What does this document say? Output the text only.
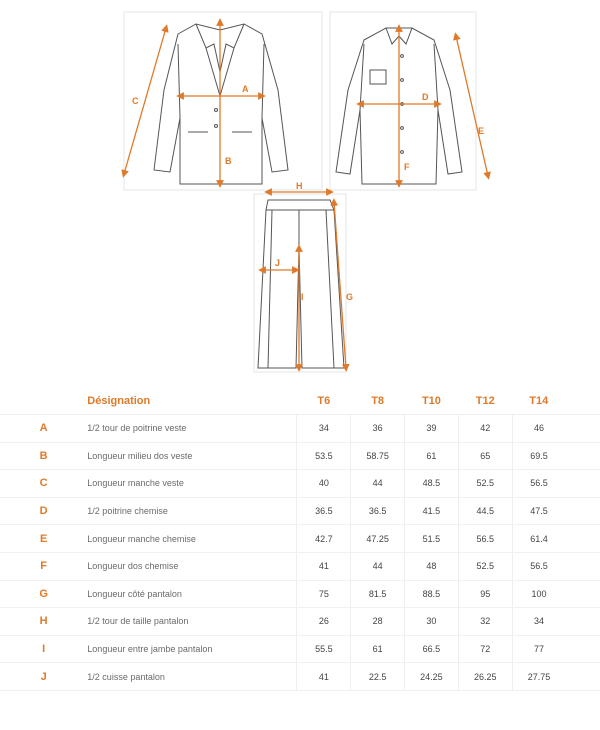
A
B
C	D
F
E
H
J
I	G
	Désignation	T6	T8	T10	T12	T14	
A	1/2 tour de poitrine veste	34	36	39	42	46	
B	Longueur milieu dos veste	53.5	58.75	61	65	69.5	
C	Longueur manche veste	40	44	48.5	52.5	56.5	
D	1/2 poitrine chemise	36.5	36.5	41.5	44.5	47.5	
E	Longueur manche chemise	42.7	47.25	51.5	56.5	61.4	
F	Longueur dos chemise	41	44	48	52.5	56.5	
G	Longueur côté pantalon	75	81.5	88.5	95	100	
H	1/2 tour de taille pantalon	26	28	30	32	34	
I	Longueur entre jambe pantalon	55.5	61	66.5	72	77	
J	1/2 cuisse pantalon	41	22.5	24.25	26.25	27.75	
